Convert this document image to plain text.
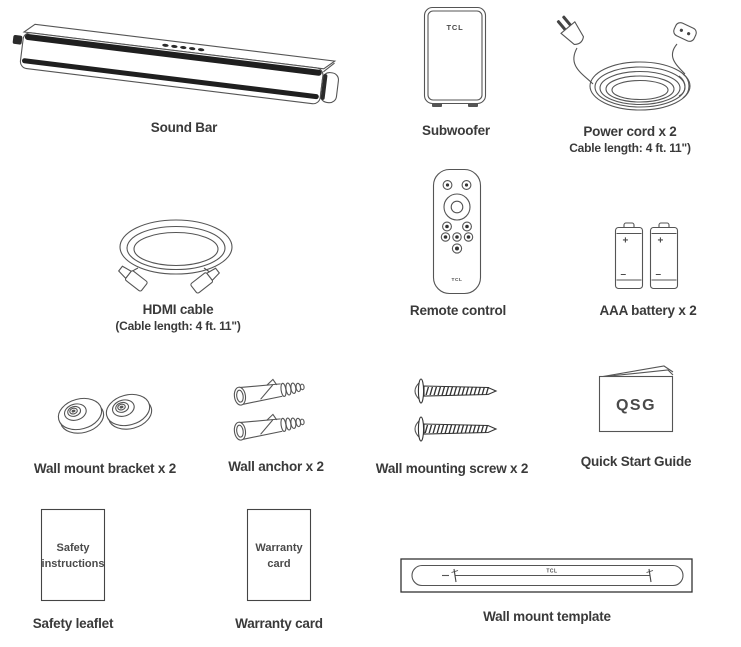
Sound Bar
TCL
Subwoofer	Power cord x 2
Cable length: 4 ft. 11")
HDMI cable
(Cable length: 4 ft. 11")
TCL
Remote control
+
–
+
–
AAA battery x 2
Wall mount bracket x 2	Wall anchor x 2	Wall mounting screw x 2
QSG
Quick Start Guide
Safety
instructions
Safety leaflet
Warranty
card
Warranty card
TCL
Wall mount template
